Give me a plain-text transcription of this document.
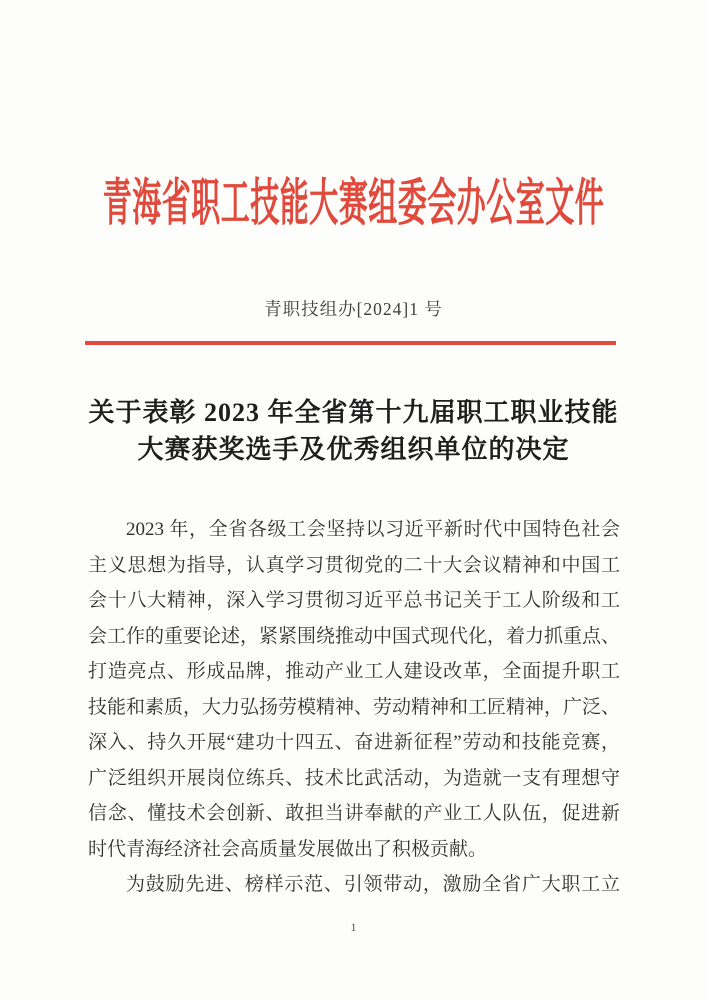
青海省职工技能大赛组委会办公室文件
青职技组办[2024]1 号
关于表彰 2023 年全省第十九届职工职业技能
大赛获奖选手及优秀组织单位的决定
2023 年，全省各级工会坚持以习近平新时代中国特色社会
主义思想为指导，认真学习贯彻党的二十大会议精神和中国工
会十八大精神，深入学习贯彻习近平总书记关于工人阶级和工
会工作的重要论述，紧紧围绕推动中国式现代化，着力抓重点、
打造亮点、形成品牌，推动产业工人建设改革，全面提升职工
技能和素质，大力弘扬劳模精神、劳动精神和工匠精神，广泛、
深入、持久开展“建功十四五、奋进新征程”劳动和技能竞赛，
广泛组织开展岗位练兵、技术比武活动，为造就一支有理想守
信念、懂技术会创新、敢担当讲奉献的产业工人队伍，促进新
时代青海经济社会高质量发展做出了积极贡献。
为鼓励先进、榜样示范、引领带动，激励全省广大职工立
1
